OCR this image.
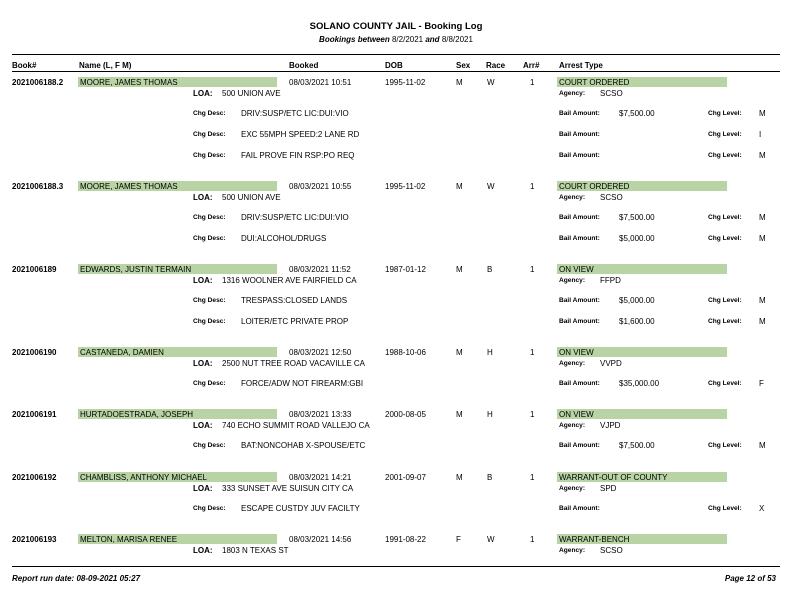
SOLANO COUNTY JAIL - Booking Log
Bookings between 8/2/2021 and 8/8/2021
Book#	Name (L, F M)	Booked	DOB	Sex Race Arr# Arrest Type
2021006188.2 MOORE, JAMES THOMAS	08/03/2021 10:51	1995-11-02	M	W	1	COURT ORDERED
LOA: 500 UNION AVE	Agency: SCSO
Chg Desc: DRIV:SUSP/ETC LIC:DUI:VIO	Bail Amount: $7,500.00	Chg Level: M
Chg Desc: EXC 55MPH SPEED:2 LANE RD	Bail Amount:	Chg Level: I
Chg Desc: FAIL PROVE FIN RSP:PO REQ	Bail Amount:	Chg Level: M
2021006188.3 MOORE, JAMES THOMAS	08/03/2021 10:55	1995-11-02	M	W	1	COURT ORDERED
LOA: 500 UNION AVE	Agency: SCSO
Chg Desc: DRIV:SUSP/ETC LIC:DUI:VIO	Bail Amount: $7,500.00	Chg Level: M
Chg Desc: DUI:ALCOHOL/DRUGS	Bail Amount: $5,000.00	Chg Level: M
2021006189	EDWARDS, JUSTIN TERMAIN	08/03/2021 11:52	1987-01-12	M	B	1	ON VIEW
LOA: 1316 WOOLNER AVE FAIRFIELD CA	Agency: FFPD
Chg Desc: TRESPASS:CLOSED LANDS	Bail Amount: $5,000.00	Chg Level: M
Chg Desc: LOITER/ETC PRIVATE PROP	Bail Amount: $1,600.00	Chg Level: M
2021006190	CASTANEDA, DAMIEN	08/03/2021 12:50	1988-10-06	M	H	1	ON VIEW
LOA: 2500 NUT TREE ROAD VACAVILLE CA	Agency: VVPD
Chg Desc: FORCE/ADW NOT FIREARM:GBI	Bail Amount: $35,000.00	Chg Level: F
2021006191	HURTADOESTRADA, JOSEPH	08/03/2021 13:33	2000-08-05	M	H	1	ON VIEW
LOA: 740 ECHO SUMMIT ROAD VALLEJO CA	Agency: VJPD
Chg Desc: BAT:NONCOHAB X-SPOUSE/ETC	Bail Amount: $7,500.00	Chg Level: M
2021006192	CHAMBLISS, ANTHONY MICHAEL	08/03/2021 14:21	2001-09-07	M	B	1	WARRANT-OUT OF COUNTY
LOA: 333 SUNSET AVE SUISUN CITY CA	Agency: SPD
Chg Desc: ESCAPE CUSTDY JUV FACILTY	Bail Amount:	Chg Level: X
2021006193	MELTON, MARISA RENEE	08/03/2021 14:56	1991-08-22	F	W	1	WARRANT-BENCH
LOA: 1803 N TEXAS ST	Agency: SCSO
Report run date: 08-09-2021 05:27	Page 12 of 53
